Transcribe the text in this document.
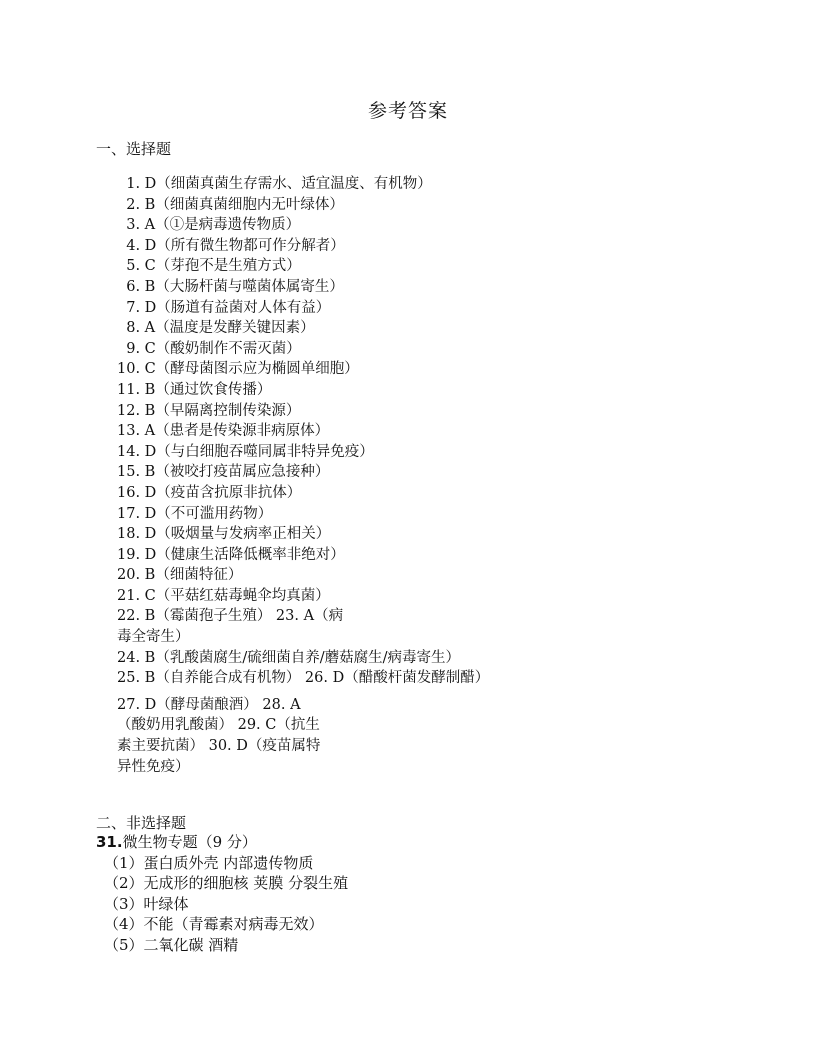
参考答案
一、选择题
1. D（细菌真菌生存需水、适宜温度、有机物）
2. B（细菌真菌细胞内无叶绿体）
3. A（①是病毒遗传物质）
4. D（所有微生物都可作分解者）
5. C（芽孢不是生殖方式）
6. B（大肠杆菌与噬菌体属寄生）
7. D（肠道有益菌对人体有益）
8. A（温度是发酵关键因素）
9. C（酸奶制作不需灭菌）
10. C（酵母菌图示应为椭圆单细胞）
11. B（通过饮食传播）
12. B（早隔离控制传染源）
13. A（患者是传染源非病原体）
14. D（与白细胞吞噬同属非特异免疫）
15. B（被咬打疫苗属应急接种）
16. D（疫苗含抗原非抗体）
17. D（不可滥用药物）
18. D（吸烟量与发病率正相关）
19. D（健康生活降低概率非绝对）
20. B（细菌特征）
21. C（平菇红菇毒蝇伞均真菌）
22. B（霉菌孢子生殖） 23. A（病毒全寄生）
24. B（乳酸菌腐生/硫细菌自养/蘑菇腐生/病毒寄生）
25. B（自养能合成有机物） 26. D（醋酸杆菌发酵制醋）
27. D（酵母菌酿酒） 28. A（酸奶用乳酸菌） 29. C（抗生素主要抗菌） 30. D（疫苗属特异性免疫）
二、非选择题
31.微生物专题（9 分）
（1）蛋白质外壳 内部遗传物质
（2）无成形的细胞核 荚膜 分裂生殖
（3）叶绿体
（4）不能（青霉素对病毒无效）
（5）二氧化碳 酒精
